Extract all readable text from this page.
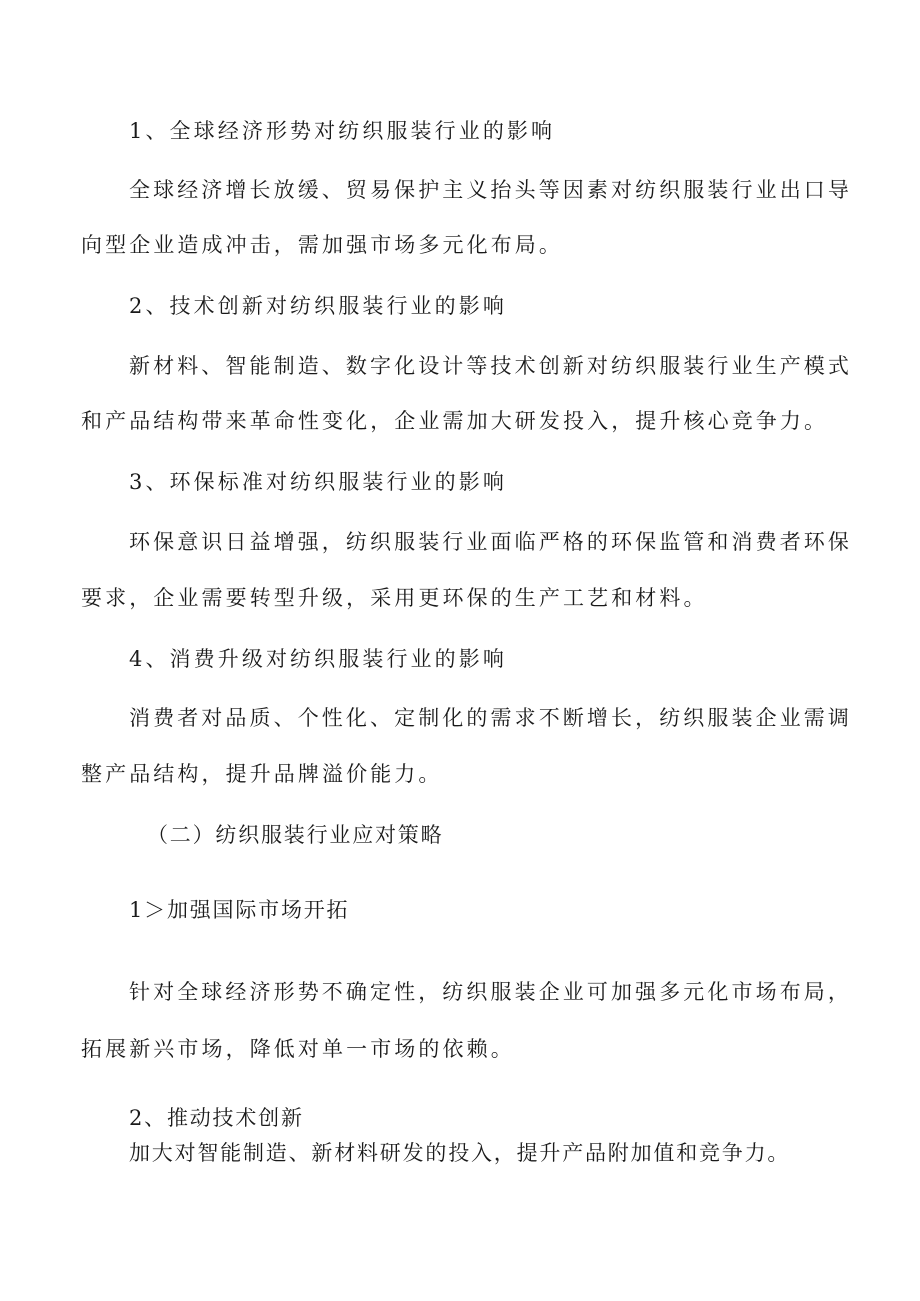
1、全球经济形势对纺织服装行业的影响

全球经济增长放缓、贸易保护主义抬头等因素对纺织服装行业出口导

向型企业造成冲击，需加强市场多元化布局。

2、技术创新对纺织服装行业的影响

新材料、智能制造、数字化设计等技术创新对纺织服装行业生产模式

和产品结构带来革命性变化，企业需加大研发投入，提升核心竞争力。

3、环保标准对纺织服装行业的影响

环保意识日益增强，纺织服装行业面临严格的环保监管和消费者环保

要求，企业需要转型升级，采用更环保的生产工艺和材料。

4、消费升级对纺织服装行业的影响

消费者对品质、个性化、定制化的需求不断增长，纺织服装企业需调

整产品结构，提升品牌溢价能力。

（二）纺织服装行业应对策略

1＞加强国际市场开拓

针对全球经济形势不确定性，纺织服装企业可加强多元化市场布局，

拓展新兴市场，降低对单一市场的依赖。

2、推动技术创新

加大对智能制造、新材料研发的投入，提升产品附加值和竞争力。
